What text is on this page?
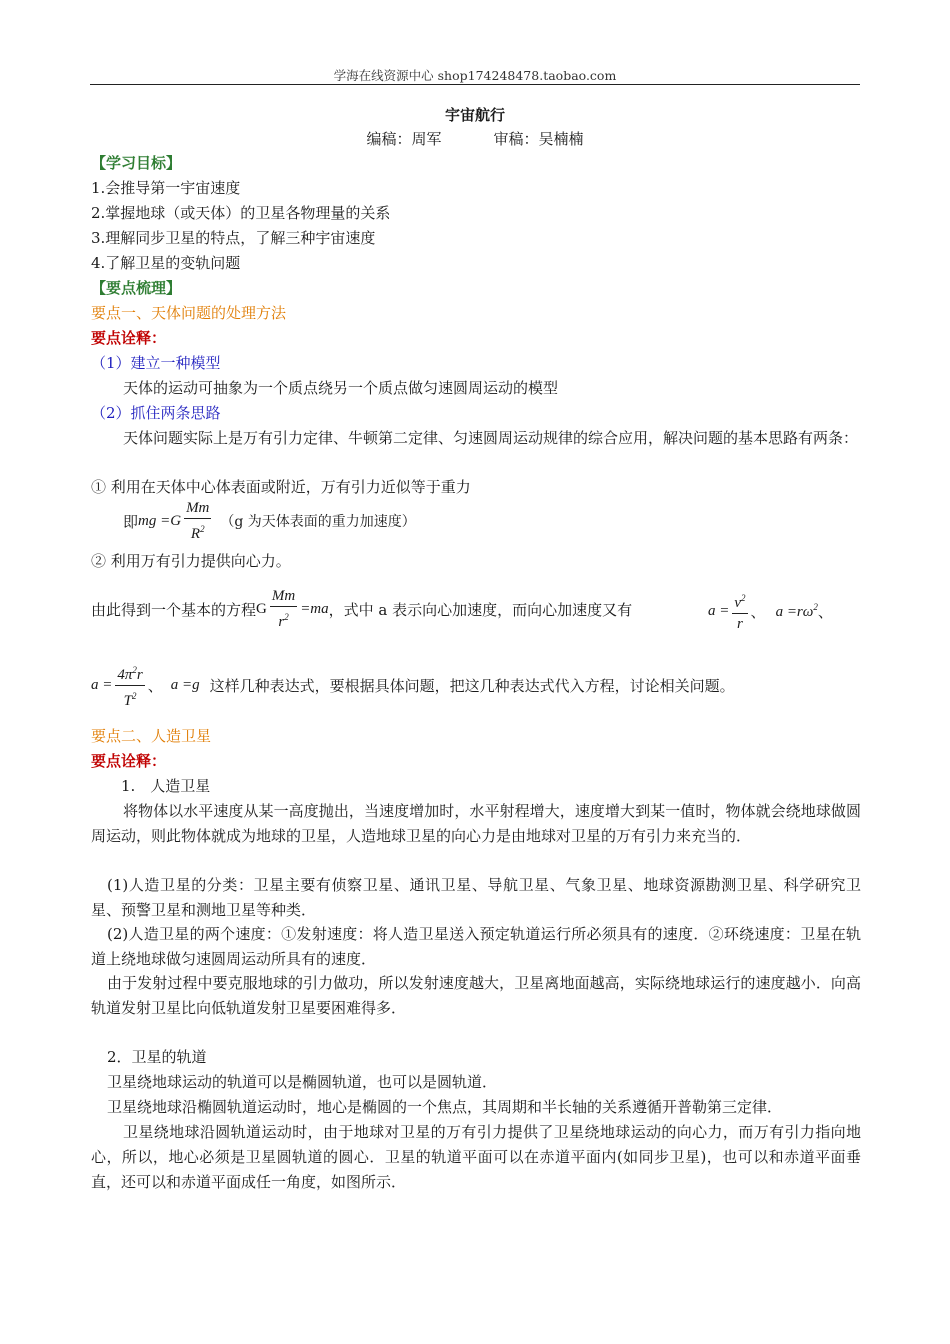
学海在线资源中心 shop174248478.taobao.com
宇宙航行
编稿：周军	审稿：吴楠楠
【学习目标】
1.会推导第一宇宙速度
2.掌握地球（或天体）的卫星各物理量的关系
3.理解同步卫星的特点，了解三种宇宙速度
4.了解卫星的变轨问题
【要点梳理】
要点一、天体问题的处理方法
要点诠释：
（1）建立一种模型
天体的运动可抽象为一个质点绕另一个质点做匀速圆周运动的模型
（2）抓住两条思路
天体问题实际上是万有引力定律、牛顿第二定律、匀速圆周运动规律的综合应用，解决问题的基本思路有两条：
① 利用在天体中心体表面或附近，万有引力近似等于重力
即 mg $=G \frac{Mm}{R^2} (g$ 为天体表面的重力加速度）
② 利用万有引力提供向心力。
由此得到一个基本的方程 G $\frac{Mm}{r^2} =ma$ ，式中 a 表示向心加速度，而向心加速度又有	$a = \frac{v^2}{r}$ 、 $a =r\omega^2$ 、
$a = \frac{4\pi^2r}{T^2}$ 、 a =g 这样几种表达式，要根据具体问题，把这几种表达式代入方程，讨论相关问题。
要点二、人造卫星
要点诠释：
1.　人造卫星
将物体以水平速度从某一高度抛出，当速度增加时，水平射程增大，速度增大到某一值时，物体就会绕地球做圆周运动，则此物体就成为地球的卫星，人造地球卫星的向心力是由地球对卫星的万有引力来充当的．
(1)人造卫星的分类：卫星主要有侦察卫星、通讯卫星、导航卫星、气象卫星、地球资源勘测卫星、科学研究卫星、预警卫星和测地卫星等种类．
(2)人造卫星的两个速度：①发射速度：将人造卫星送入预定轨道运行所必须具有的速度．②环绕速度：卫星在轨道上绕地球做匀速圆周运动所具有的速度．
由于发射过程中要克服地球的引力做功，所以发射速度越大，卫星离地面越高，实际绕地球运行的速度越小．向高轨道发射卫星比向低轨道发射卫星要困难得多．
2．卫星的轨道
卫星绕地球运动的轨道可以是椭圆轨道，也可以是圆轨道．
卫星绕地球沿椭圆轨道运动时，地心是椭圆的一个焦点，其周期和半长轴的关系遵循开普勒第三定律．
卫星绕地球沿圆轨道运动时，由于地球对卫星的万有引力提供了卫星绕地球运动的向心力，而万有引力指向地心，所以，地心必须是卫星圆轨道的圆心．卫星的轨道平面可以在赤道平面内(如同步卫星)，也可以和赤道平面垂直，还可以和赤道平面成任一角度，如图所示．
